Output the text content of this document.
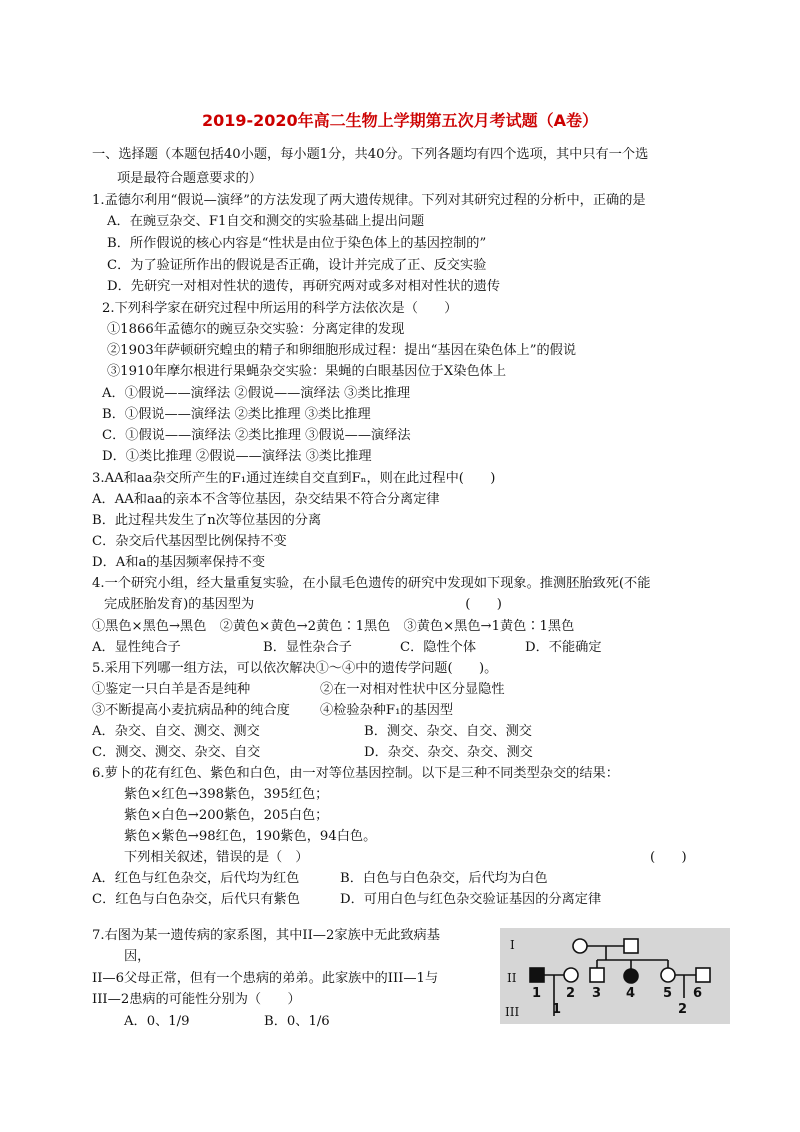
2019-2020年高二生物上学期第五次月考试题（A卷）
一、选择题（本题包括40小题，每小题1分，共40分。下列各题均有四个选项，其中只有一个选
项是最符合题意要求的）
1.孟德尔利用“假说—演绎”的方法发现了两大遗传规律。下列对其研究过程的分析中，正确的是
A．在豌豆杂交、F1自交和测交的实验基础上提出问题
B．所作假说的核心内容是“性状是由位于染色体上的基因控制的”
C．为了验证所作出的假说是否正确，设计并完成了正、反交实验
D．先研究一对相对性状的遗传，再研究两对或多对相对性状的遗传
2.下列科学家在研究过程中所运用的科学方法依次是（　　）
①1866年孟德尔的豌豆杂交实验：分离定律的发现
②1903年萨顿研究蝗虫的精子和卵细胞形成过程：提出“基因在染色体上”的假说
③1910年摩尔根进行果蝇杂交实验：果蝇的白眼基因位于X染色体上
A．①假说——演绎法 ②假说——演绎法 ③类比推理
B．①假说——演绎法 ②类比推理 ③类比推理
C．①假说——演绎法 ②类比推理 ③假说——演绎法
D．①类比推理 ②假说——演绎法 ③类比推理
3.AA和aa杂交所产生的F₁通过连续自交直到Fₙ，则在此过程中(　　)
A．AA和aa的亲本不含等位基因，杂交结果不符合分离定律
B．此过程共发生了n次等位基因的分离
C．杂交后代基因型比例保持不变
D．A和a的基因频率保持不变
4.一个研究小组，经大量重复实验，在小鼠毛色遗传的研究中发现如下现象。推测胚胎致死(不能
完成胚胎发育)的基因型为　　　　　　　　　　　　　　　　(　　)
①黑色×黑色→黑色　②黄色×黄色→2黄色∶1黑色　③黄色×黑色→1黄色∶1黑色
A．显性纯合子	B．显性杂合子	C．隐性个体	D．不能确定
5.采用下列哪一组方法，可以依次解决①～④中的遗传学问题(　　)。
①鉴定一只白羊是否是纯种	②在一对相对性状中区分显隐性
③不断提高小麦抗病品种的纯合度 ④检验杂种F₁的基因型
A．杂交、自交、测交、测交	B．测交、杂交、自交、测交
C．测交、测交、杂交、自交	D．杂交、杂交、杂交、测交
6.萝卜的花有红色、紫色和白色，由一对等位基因控制。以下是三种不同类型杂交的结果：
紫色×红色→398紫色，395红色；
紫色×白色→200紫色，205白色；
紫色×紫色→98红色，190紫色，94白色。
下列相关叙述，错误的是（　）	(　　)
A．红色与红色杂交，后代均为红色	B．白色与白色杂交，后代均为白色
C．红色与白色杂交，后代只有紫色	D．可用白色与红色杂交验证基因的分离定律
7.右图为某一遗传病的家系图，其中II—2家族中无此致病基
因，
II—6父母正常，但有一个患病的弟弟。此家族中的III—1与
III—2患病的可能性分别为（　　）
A．0、1/9	B．0、1/6
I
II
III
1 2 3 4 5 6
1	2
